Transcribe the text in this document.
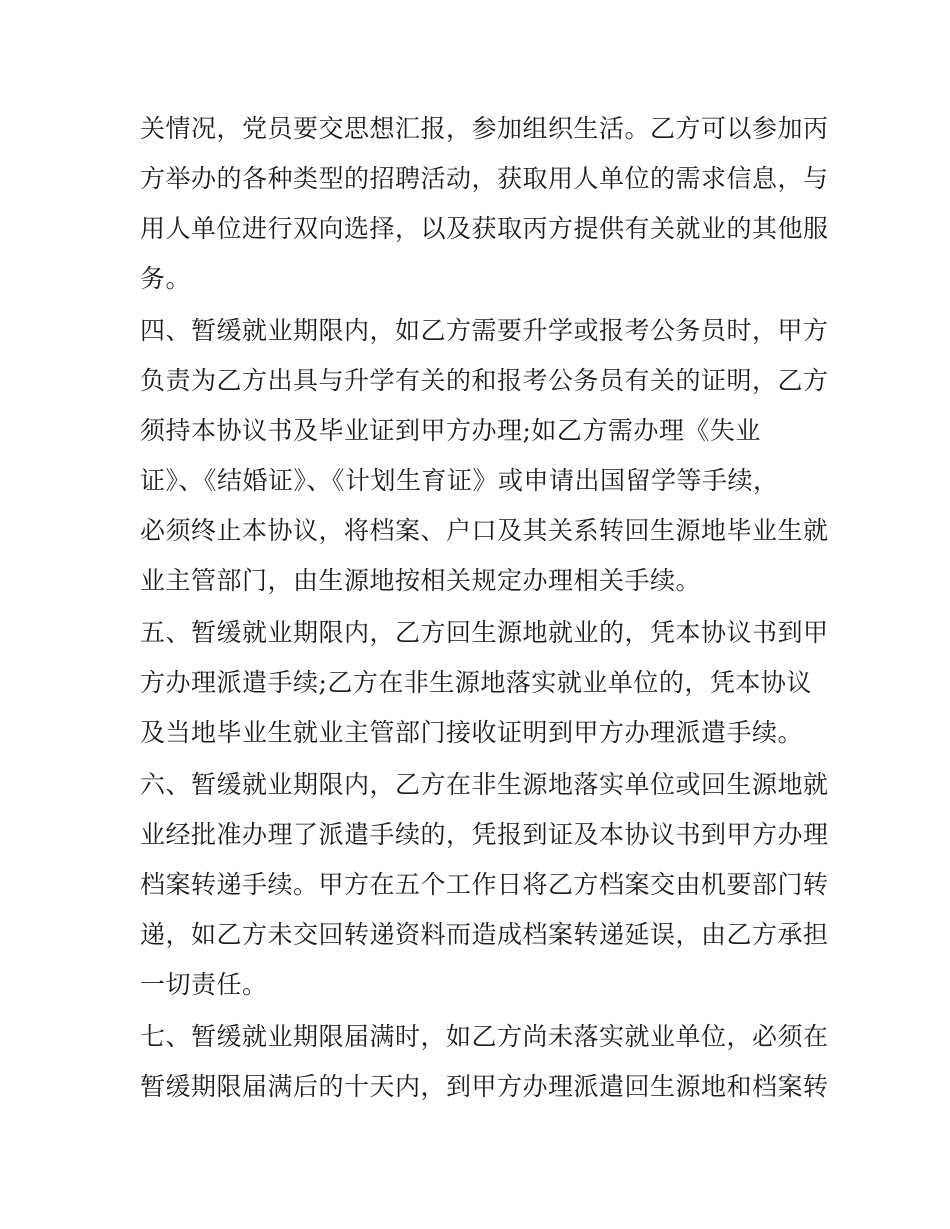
关情况，党员要交思想汇报，参加组织生活。乙方可以参加丙
方举办的各种类型的招聘活动，获取用人单位的需求信息，与
用人单位进行双向选择，以及获取丙方提供有关就业的其他服
务。
四、暂缓就业期限内，如乙方需要升学或报考公务员时，甲方
负责为乙方出具与升学有关的和报考公务员有关的证明，乙方
须持本协议书及毕业证到甲方办理;如乙方需办理《失业
证》、《结婚证》、《计划生育证》或申请出国留学等手续，
必须终止本协议，将档案、户口及其关系转回生源地毕业生就
业主管部门，由生源地按相关规定办理相关手续。
五、暂缓就业期限内，乙方回生源地就业的，凭本协议书到甲
方办理派遣手续;乙方在非生源地落实就业单位的，凭本协议
及当地毕业生就业主管部门接收证明到甲方办理派遣手续。
六、暂缓就业期限内，乙方在非生源地落实单位或回生源地就
业经批准办理了派遣手续的，凭报到证及本协议书到甲方办理
档案转递手续。甲方在五个工作日将乙方档案交由机要部门转
递，如乙方未交回转递资料而造成档案转递延误，由乙方承担
一切责任。
七、暂缓就业期限届满时，如乙方尚未落实就业单位，必须在
暂缓期限届满后的十天内，到甲方办理派遣回生源地和档案转
